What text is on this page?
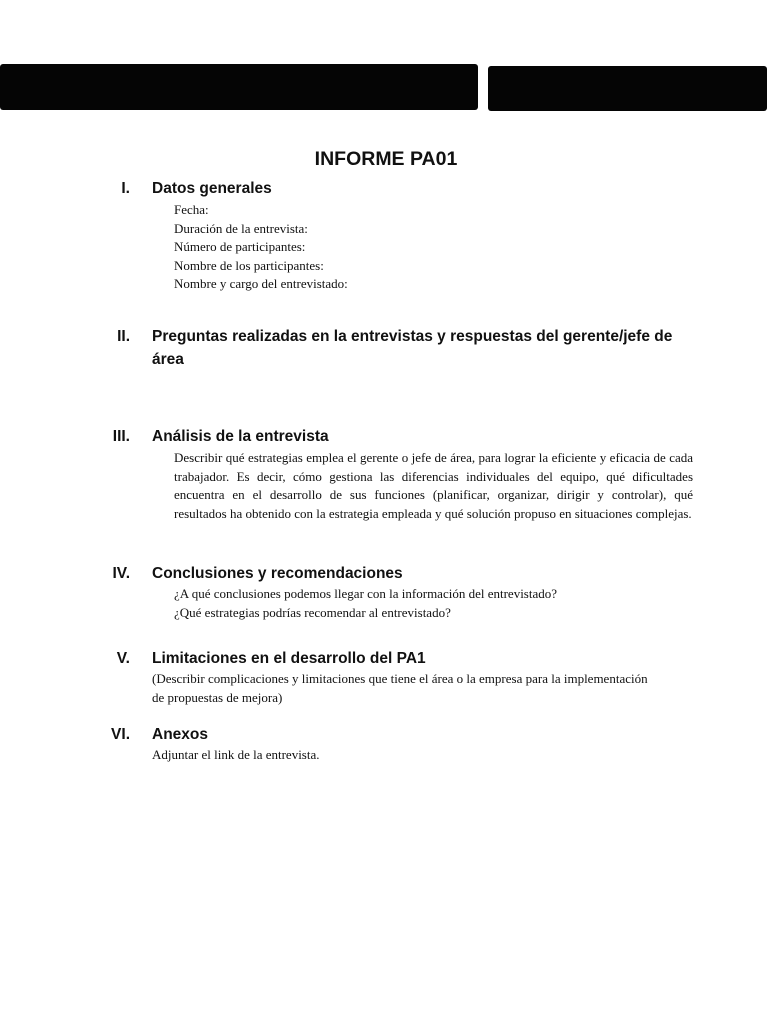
INFORME PA01
I. Datos generales
Fecha:
Duración de la entrevista:
Número de participantes:
Nombre de los participantes:
Nombre y cargo del entrevistado:
II. Preguntas realizadas en la entrevistas y respuestas del gerente/jefe de área
III. Análisis de la entrevista
Describir qué estrategias emplea el gerente o jefe de área, para lograr la eficiente y eficacia de cada trabajador. Es decir, cómo gestiona las diferencias individuales del equipo, qué dificultades encuentra en el desarrollo de sus funciones (planificar, organizar, dirigir y controlar), qué resultados ha obtenido con la estrategia empleada y qué solución propuso en situaciones complejas.
IV. Conclusiones y recomendaciones
¿A qué conclusiones podemos llegar con la información del entrevistado?
¿Qué estrategias podrías recomendar al entrevistado?
V. Limitaciones en el desarrollo del PA1
(Describir complicaciones y limitaciones que tiene el área o la empresa para la implementación
de propuestas de mejora)
VI. Anexos
Adjuntar el link de la entrevista.
